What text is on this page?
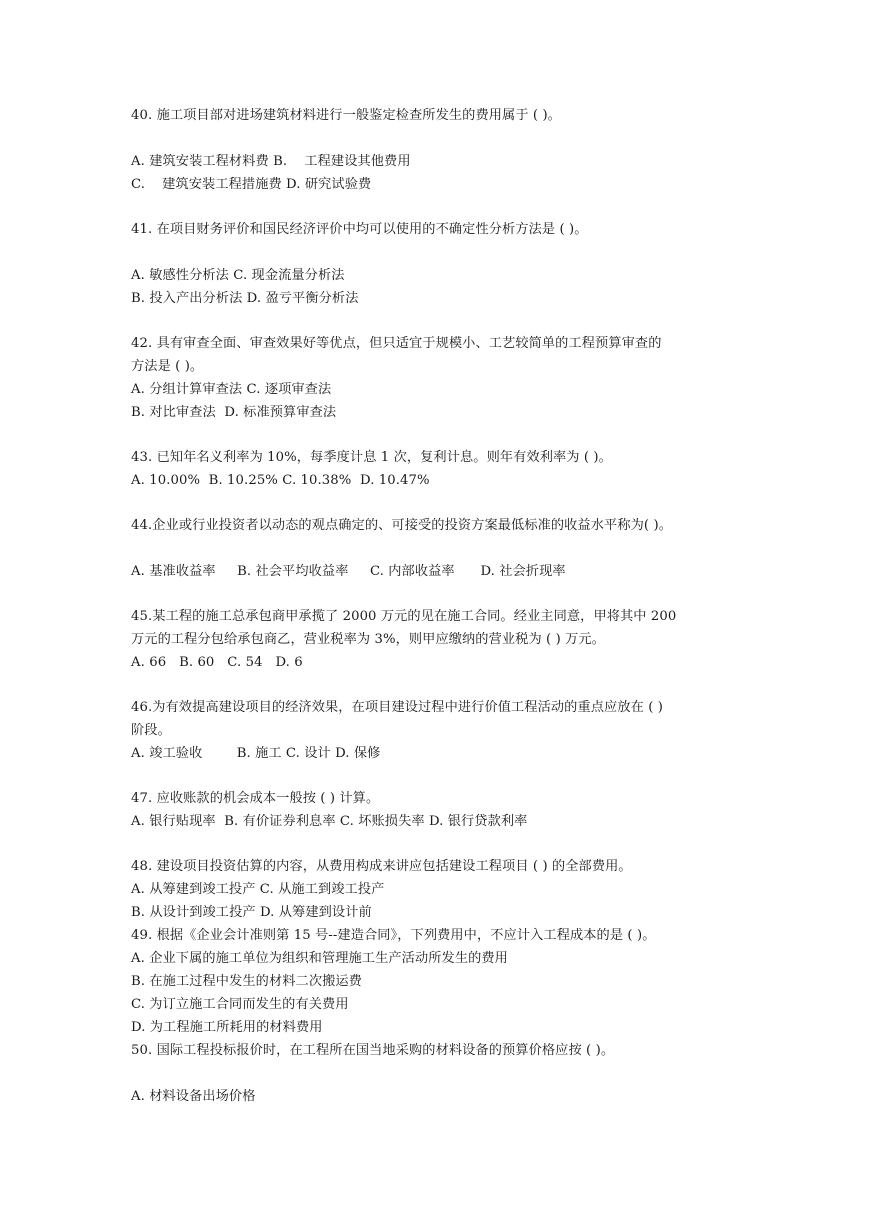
40. 施工项目部对进场建筑材料进行一般鉴定检查所发生的费用属于 ( )。
A. 建筑安装工程材料费 B.    工程建设其他费用
C.    建筑安装工程措施费 D. 研究试验费
41. 在项目财务评价和国民经济评价中均可以使用的不确定性分析方法是 ( )。
A. 敏感性分析法 C. 现金流量分析法
B. 投入产出分析法 D. 盈亏平衡分析法
42. 具有审查全面、审查效果好等优点，但只适宜于规模小、工艺较简单的工程预算审查的
方法是 ( )。
A. 分组计算审查法 C. 逐项审查法
B. 对比审查法  D. 标准预算审查法
43. 已知年名义利率为 10%，每季度计息 1 次，复利计息。则年有效利率为 ( )。
A. 10.00%  B. 10.25% C. 10.38%  D. 10.47%
44.企业或行业投资者以动态的观点确定的、可接受的投资方案最低标准的收益水平称为( )。
A. 基准收益率     B. 社会平均收益率     C. 内部收益率      D. 社会折现率
45.某工程的施工总承包商甲承揽了 2000 万元的见在施工合同。经业主同意，甲将其中 200
万元的工程分包给承包商乙，营业税率为 3%，则甲应缴纳的营业税为 ( ) 万元。
A. 66   B. 60   C. 54   D. 6
46.为有效提高建设项目的经济效果，在项目建设过程中进行价值工程活动的重点应放在 ( )
阶段。
A. 竣工验收        B. 施工 C. 设计 D. 保修
47. 应收账款的机会成本一般按 ( ) 计算。
A. 银行贴现率  B. 有价证券利息率 C. 坏账损失率 D. 银行贷款利率
48. 建设项目投资估算的内容，从费用构成来讲应包括建设工程项目 ( ) 的全部费用。
A. 从筹建到竣工投产 C. 从施工到竣工投产
B. 从设计到竣工投产 D. 从筹建到设计前
49. 根据《企业会计准则第 15 号--建造合同》，下列费用中，不应计入工程成本的是 ( )。
A. 企业下属的施工单位为组织和管理施工生产活动所发生的费用
B. 在施工过程中发生的材料二次搬运费
C. 为订立施工合同而发生的有关费用
D. 为工程施工所耗用的材料费用
50. 国际工程投标报价时，在工程所在国当地采购的材料设备的预算价格应按 ( )。
A. 材料设备出场价格
